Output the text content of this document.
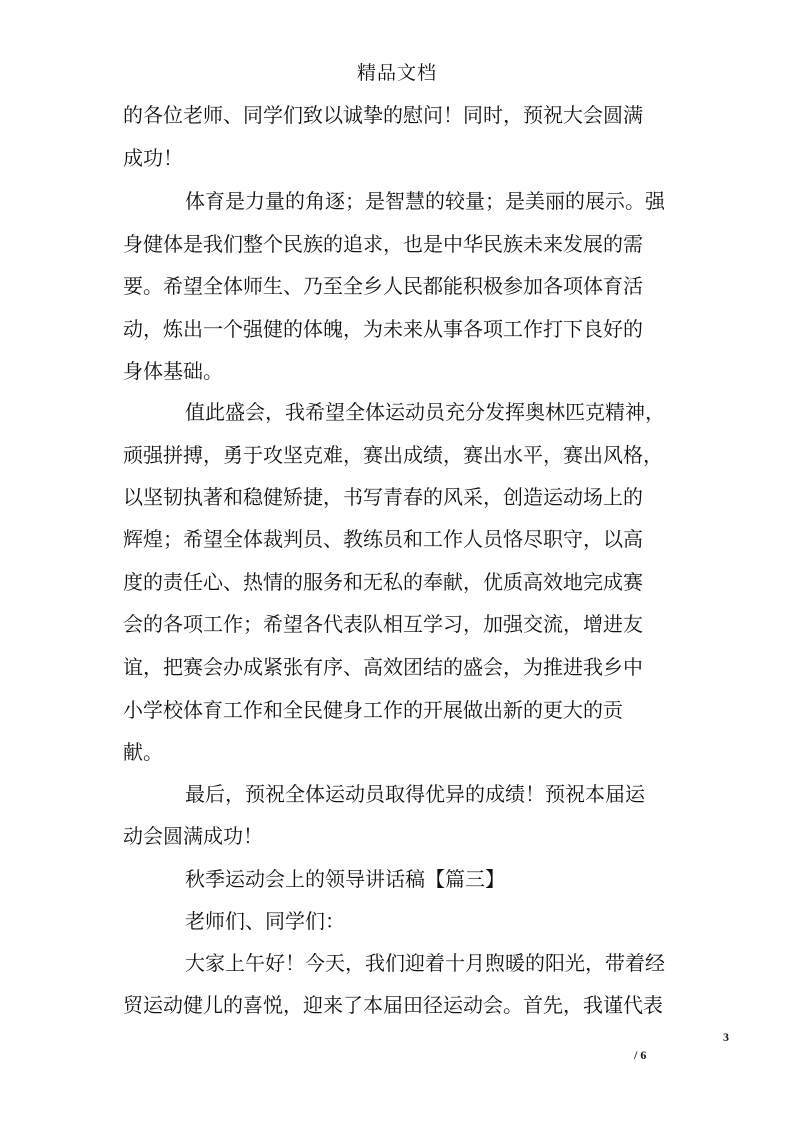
精品文档
的各位老师、同学们致以诚挚的慰问！同时，预祝大会圆满
成功！
体育是力量的角逐；是智慧的较量；是美丽的展示。强
身健体是我们整个民族的追求，也是中华民族未来发展的需
要。希望全体师生、乃至全乡人民都能积极参加各项体育活
动，炼出一个强健的体魄，为未来从事各项工作打下良好的
身体基础。
值此盛会，我希望全体运动员充分发挥奥林匹克精神，
顽强拼搏，勇于攻坚克难，赛出成绩，赛出水平，赛出风格，
以坚韧执著和稳健矫捷，书写青春的风采，创造运动场上的
辉煌；希望全体裁判员、教练员和工作人员恪尽职守，以高
度的责任心、热情的服务和无私的奉献，优质高效地完成赛
会的各项工作；希望各代表队相互学习，加强交流，增进友
谊，把赛会办成紧张有序、高效团结的盛会，为推进我乡中
小学校体育工作和全民健身工作的开展做出新的更大的贡
献。
最后，预祝全体运动员取得优异的成绩！预祝本届运
动会圆满成功！
秋季运动会上的领导讲话稿【篇三】
老师们、同学们：
大家上午好！今天，我们迎着十月煦暖的阳光，带着经
贸运动健儿的喜悦，迎来了本届田径运动会。首先，我谨代表
3
/ 6
